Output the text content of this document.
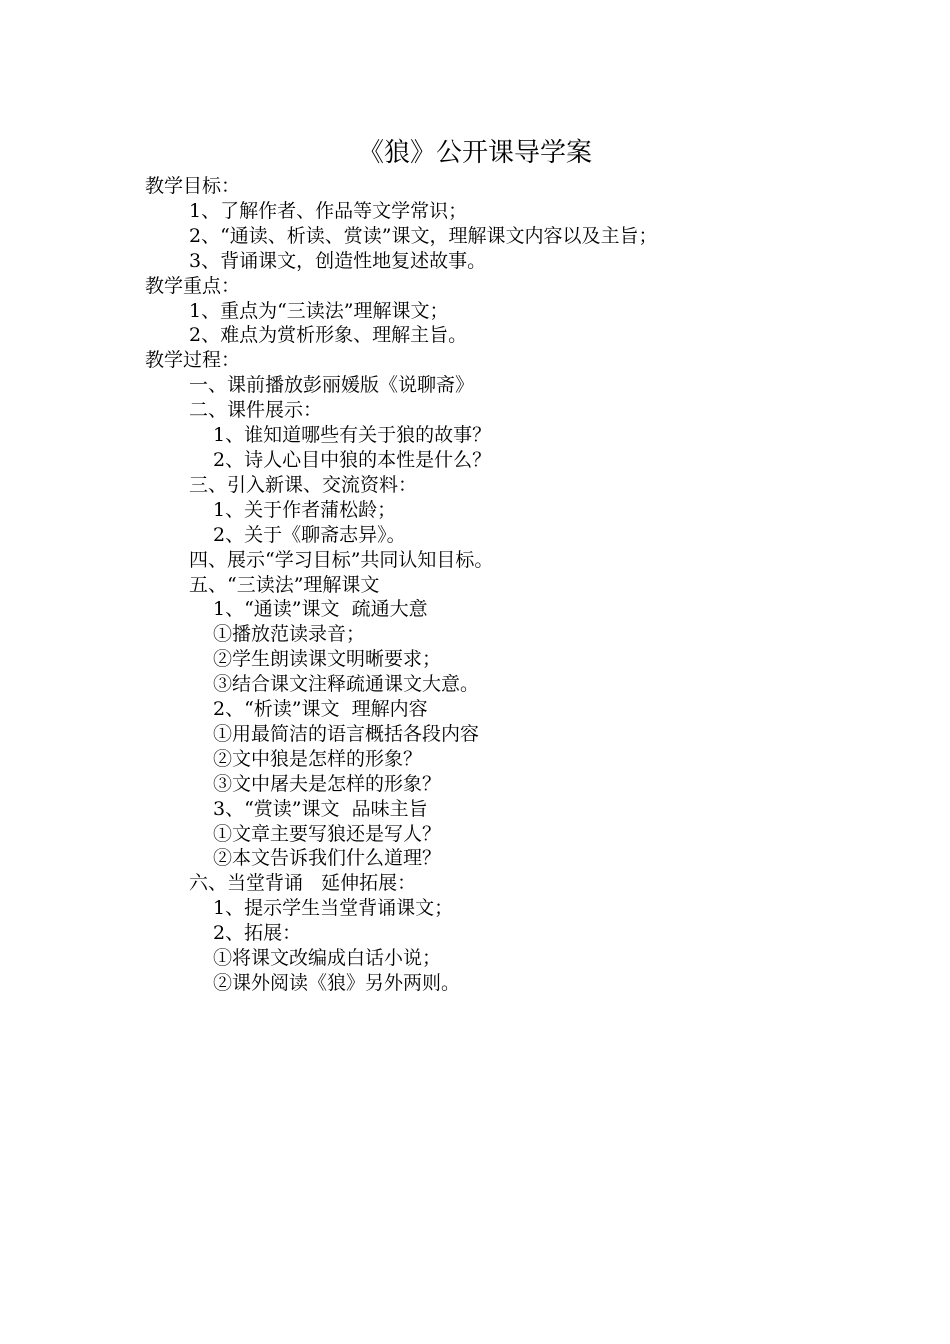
《狼》公开课导学案
教学目标：
1、了解作者、作品等文学常识；
2、“通读、析读、赏读”课文，理解课文内容以及主旨；
3、背诵课文，创造性地复述故事。
教学重点：
1、重点为“三读法”理解课文；
2、难点为赏析形象、理解主旨。
教学过程：
一、课前播放彭丽媛版《说聊斋》
二、课件展示：
1、谁知道哪些有关于狼的故事？
2、诗人心目中狼的本性是什么？
三、引入新课、交流资料：
1、关于作者蒲松龄；
2、关于《聊斋志异》。
四、展示“学习目标”共同认知目标。
五、“三读法”理解课文
1、“通读”课文  疏通大意
①播放范读录音；
②学生朗读课文明晰要求；
③结合课文注释疏通课文大意。
2、“析读”课文  理解内容
①用最简洁的语言概括各段内容
②文中狼是怎样的形象？
③文中屠夫是怎样的形象？
3、“赏读”课文  品味主旨
①文章主要写狼还是写人？
②本文告诉我们什么道理？
六、当堂背诵   延伸拓展：
1、提示学生当堂背诵课文；
2、拓展：
①将课文改编成白话小说；
②课外阅读《狼》另外两则。
